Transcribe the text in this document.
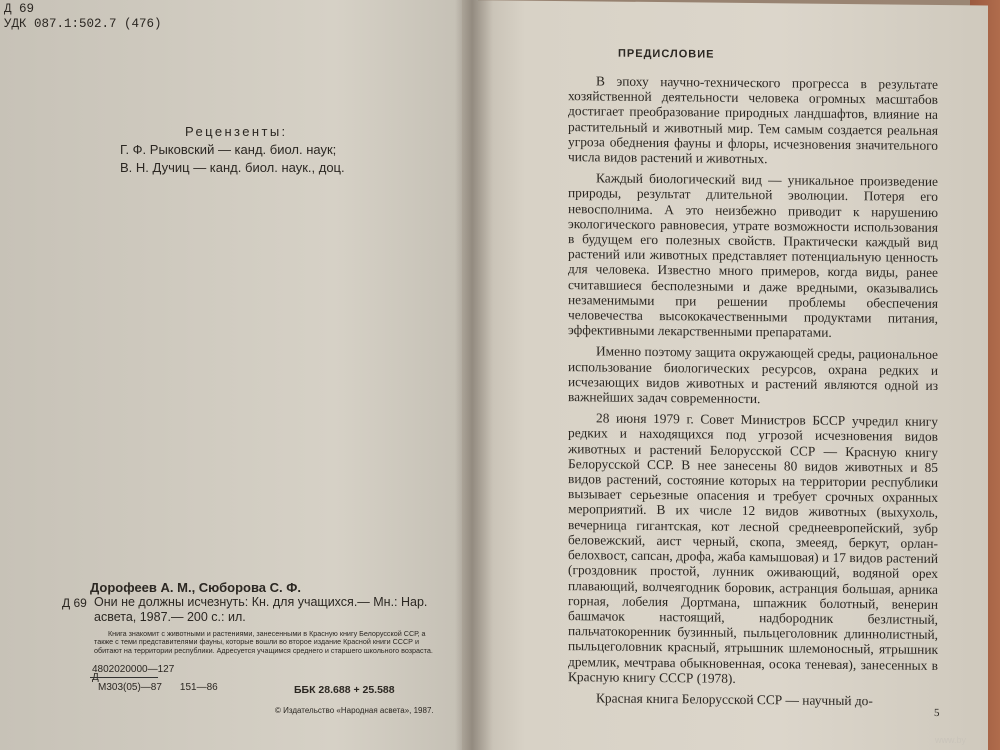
Д 69
УДК 087.1:502.7 (476)
Рецензенты:
Г. Ф. Рыковский — канд. биол. наук;
В. Н. Дучиц — канд. биол. наук., доц.
Дорофеев А. М., Сюборова С. Ф.
Д 69 Они не должны исчезнуть: Кн. для учащихся.— Мн.: Нар. асвета, 1987.— 200 с.: ил.
Книга знакомит с животными и растениями, занесенными в Красную книгу Белорусской ССР, а также с теми представителями фауны, которые вошли во второе издание Красной книги СССР и обитают на территории республики. Адресуется учащимся среднего и старшего школьного возраста.
4802020000—127
Д
М303(05)—87 151—86	ББК 28.688 + 25.588
© Издательство «Народная асвета», 1987.
ПРЕДИСЛОВИЕ

В эпоху научно-технического прогресса в результате хозяйственной деятельности человека огромных масштабов достигает преобразование природных ландшафтов, влияние на растительный и животный мир. Тем самым создается реальная угроза обеднения фауны и флоры, исчезновения значительного числа видов растений и животных.

Каждый биологический вид — уникальное произведение природы, результат длительной эволюции. Потеря его невосполнима. А это неизбежно приводит к нарушению экологического равновесия, утрате возможности использования в будущем его полезных свойств. Практически каждый вид растений или животных представляет потенциальную ценность для человека. Известно много примеров, когда виды, ранее считавшиеся бесполезными и даже вредными, оказывались незаменимыми при решении проблемы обеспечения человечества высококачественными продуктами питания, эффективными лекарственными препаратами.

Именно поэтому защита окружающей среды, рациональное использование биологических ресурсов, охрана редких и исчезающих видов животных и растений являются одной из важнейших задач современности.

28 июня 1979 г. Совет Министров БССР учредил книгу редких и находящихся под угрозой исчезновения видов животных и растений Белорусской ССР — Красную книгу Белорусской ССР. В нее занесены 80 видов животных и 85 видов растений, состояние которых на территории республики вызывает серьезные опасения и требует срочных охранных мероприятий. В их числе 12 видов животных (выхухоль, вечерница гигантская, кот лесной среднеевропейский, зубр беловежский, аист черный, скопа, змееяд, беркут, орлан-белохвост, сапсан, дрофа, жаба камышовая) и 17 видов растений (гроздовник простой, лунник оживающий, водяной орех плавающий, волчеягодник боровик, астранция большая, арника горная, лобелия Дортмана, шпажник болотный, венерин башмачок настоящий, надбородник безлистный, пальчатокоренник бузинный, пыльцеголовник длиннолистный, пыльцеголовник красный, ятрышник шлемоносный, ятрышник дремлик, мечтрава обыкновенная, осока теневая), занесенных в Красную книгу СССР (1978).

Красная книга Белорусской ССР — научный до-

5
www.by
